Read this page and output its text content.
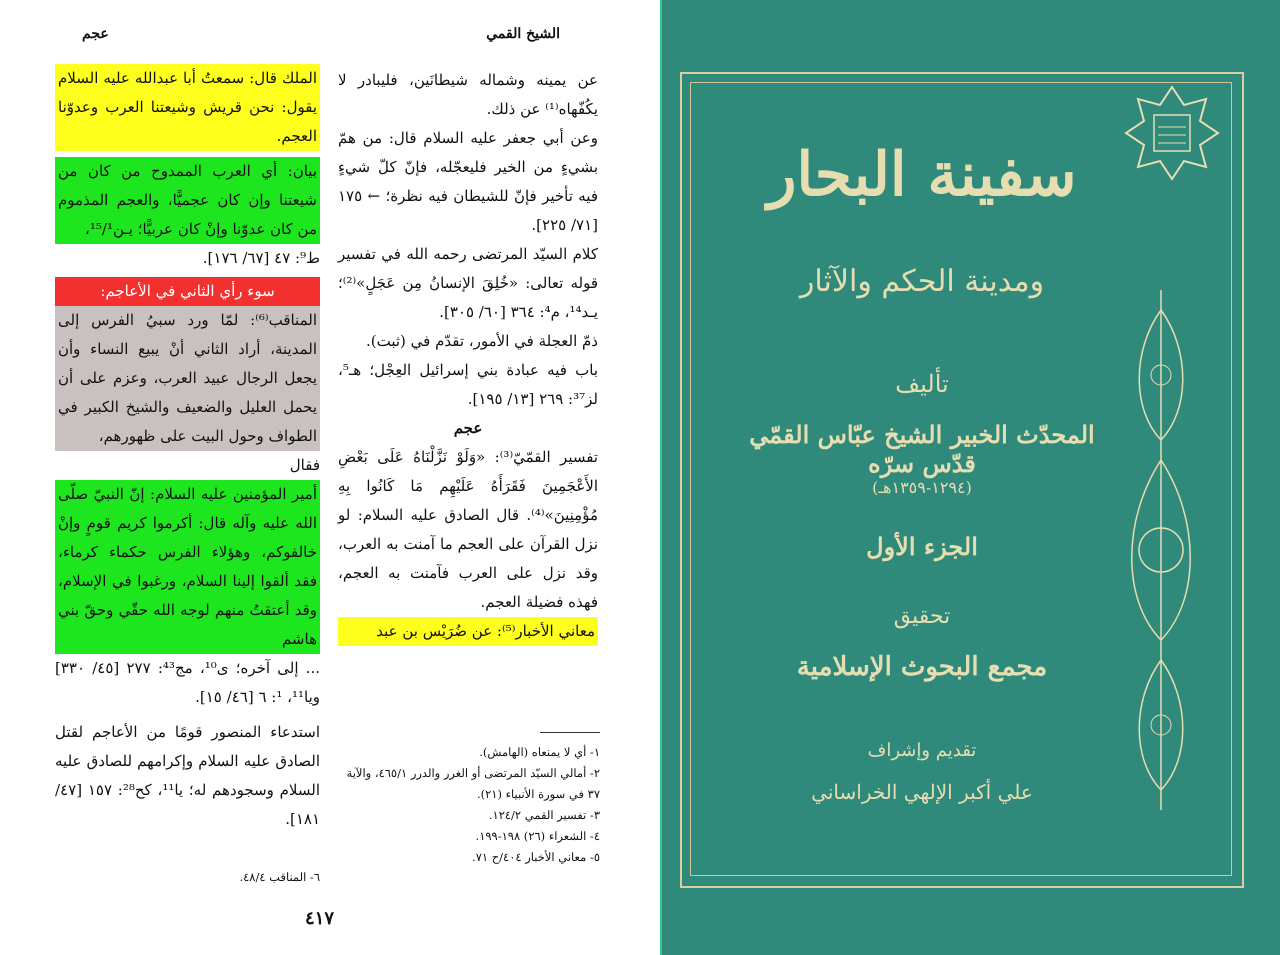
الشيخ القمي
عجم

عن يمينه وشماله شيطانَين، فليبادر لا يكُفّهاه⁽¹⁾ عن ذلك.

وعن أبي جعفر عليه السلام قال: من همّ بشيءٍ من الخير فليعجّله، فإنّ كلّ شيءٍ فيه تأخير فإنّ للشيطان فيه نظرة؛ ← ١٧٥ [٧١/ ٢٢٥].

كلام السيّد المرتضى رحمه الله في تفسير قوله تعالى: «خُلِقَ الإنسانُ مِن عَجَلٍ»⁽²⁾؛ يـد¹⁴، م⁴: ٣٦٤ [٦٠/ ٣٠٥].

ذمّ العجلة في الأمور، تقدّم في (ثبت).

باب فيه عبادة بني إسرائيل العِجْل؛ هـ⁵، لز³⁷: ٢٦٩ [١٣/ ١٩٥].

عجم

تفسير القمّيّ⁽³⁾: «وَلَوْ نَزَّلْنَاهُ عَلَى بَعْضِ الأَعْجَمِينَ فَقَرَأَهُ عَلَيْهِم مَا كَانُوا بِهِ مُؤْمِنِينَ»⁽⁴⁾. قال الصادق عليه السلام: لو نزل القرآن على العجم ما آمنت به العرب، وقد نزل على العرب فآمنت به العجم، فهذه فضيلة العجم.

معاني الأخبار⁽⁵⁾: عن ضُرَيْس بن عبد

الملك قال: سمعتُ أبا عبدالله عليه السلام يقول: نحن قريش وشيعتنا العرب وعدوّنا العجم.

بيان: أي العرب الممدوح من كان من شيعتنا وإن كان عجميًّا، والعجم المذموم من كان عدوّنا وإنْ كان عربيًّا؛ يـن¹⁵/¹،

ط⁹: ٤٧ [٦٧/ ١٧٦].

سوء رأي الثاني في الأعاجم:

المناقب⁽⁶⁾: لمّا ورد سبيُ الفرس إلى المدينة، أراد الثاني أنْ يبيع النساء وأن يجعل الرجال عبيد العرب، وعزم على أن يحمل العليل والضعيف والشيخ الكبير في الطواف وحول البيت على ظهورهم،

فقال

أمير المؤمنين عليه السلام: إنّ النبيّ صلّى الله عليه وآله قال: أكرموا كريم قومٍ وإنْ خالفوكم، وهؤلاء الفرس حكماء كرماء، فقد ألقوا إلينا السلام، ورغبوا في الإسلام، وقد أعتقتُ منهم لوجه الله حقّي وحقّ بني هاشم

... إلى آخره؛ ى¹⁰، مج⁴³: ٢٧٧ [٤٥/ ٣٣٠] ويا¹¹، ¹: ٦ [٤٦/ ١٥].

استدعاء المنصور قومًا من الأعاجم لقتل الصادق عليه السلام وإكرامهم للصادق عليه السلام وسجودهم له؛ يا¹¹، كح²⁸: ١٥٧ [٤٧/ ١٨١].

١- أي لا يمنعاه (الهامش).
٢- أمالي السيّد المرتضى أو الغرر والدرر ٤٦٥/١، والآية ٣٧ في سورة الأنبياء (٢١).
٣- تفسير القمي ١٢٤/٢.
٤- الشعراء (٢٦) ١٩٨-١٩٩.
٥- معاني الأخبار ٤٠٤/ح ٧١.
٦- المناقب ٤٨/٤.
٤١٧
سفينة البحار
ومدينة الحكم والآثار
تأليف
المحدّث الخبير الشيخ عبّاس القمّي قدّس سرّه
(١٢٩٤-١٣٥٩هـ)
الجزء الأول
تحقيق
مجمع البحوث الإسلامية
تقديم وإشراف
علي أكبر الإلهي الخراساني
